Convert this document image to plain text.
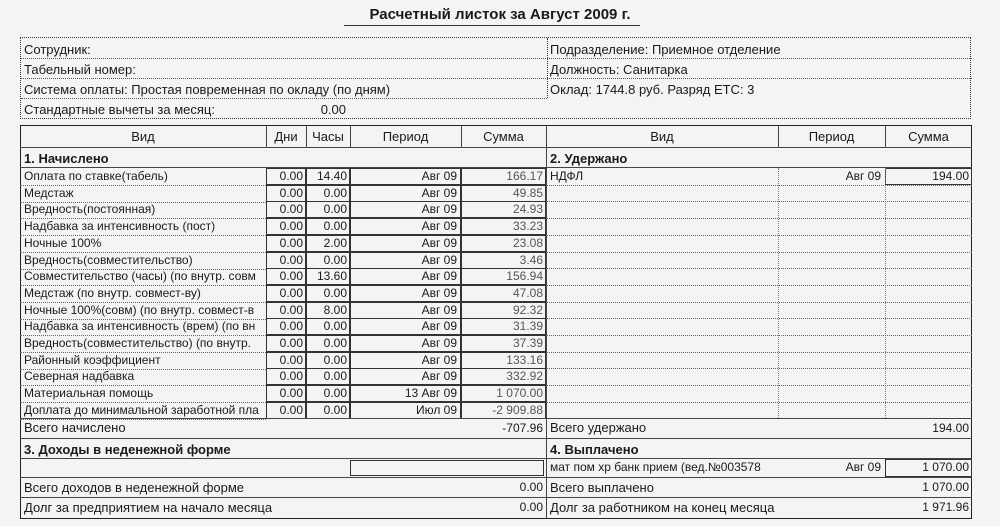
Расчетный листок за Август 2009 г.
Сотрудник:
Табельный номер:
Система оплаты: Простая повременная по окладу (по дням)
Стандартные вычеты за месяц:	0.00
Подразделение: Приемное отделение
Должность: Санитарка
Оклад: 1744.8 руб. Разряд ЕТС: 3
Вид	Дни	Часы	Период	Сумма	Вид	Период	Сумма
1. Начислено
Оплата по ставке(табель)	0.00	14.40	Авг 09	166.17
Медстаж	0.00	0.00	Авг 09	49.85
Вредность(постоянная)	0.00	0.00	Авг 09	24.93
Надбавка за интенсивность (пост)	0.00	0.00	Авг 09	33.23
Ночные 100%	0.00	2.00	Авг 09	23.08
Вредность(совместительство)	0.00	0.00	Авг 09	3.46
Совместительство (часы) (по внутр. совм	0.00	13.60	Авг 09	156.94
Медстаж (по внутр. совмест-ву)	0.00	0.00	Авг 09	47.08
Ночные 100%(совм) (по внутр. совмест-в	0.00	8.00	Авг 09	92.32
Надбавка за интенсивность (врем) (по вн	0.00	0.00	Авг 09	31.39
Вредность(совместительство) (по внутр.	0.00	0.00	Авг 09	37.39
Районный коэффициент	0.00	0.00	Авг 09	133.16
Северная надбавка	0.00	0.00	Авг 09	332.92
Материальная помощь	0.00	0.00	13 Авг 09	1 070.00
Доплата до минимальной заработной пла	0.00	0.00	Июл 09	-2 909.88
Всего начислено	-707.96
3. Доходы в неденежной форме
Всего доходов в неденежной форме	0.00
Долг за предприятием на начало месяца	0.00
2. Удержано
НДФЛ	Авг 09	194.00
Всего удержано	194.00
4. Выплачено
мат пом хр банк прием (вед.№003578	Авг 09	1 070.00
Всего выплачено	1 070.00
Долг за работником на конец месяца	1 971.96
